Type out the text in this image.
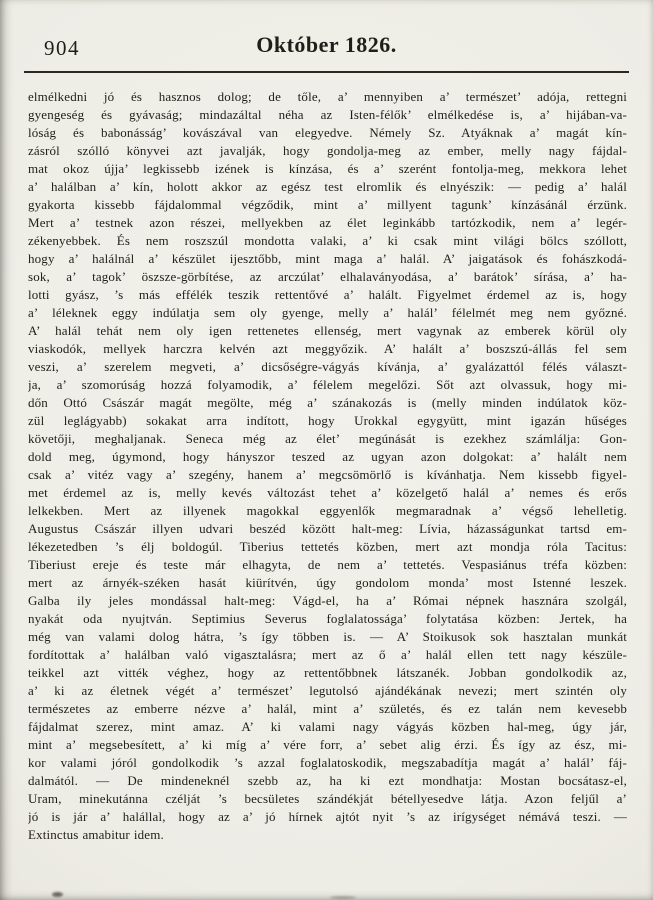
904	Október 1826.
elmélkedni jó és hasznos dolog; de tőle, a’ mennyiben a’ természet’ adója, rettegni
gyengeség és gyávaság; mindazáltal néha az Isten-félők’ elmélkedése is, a’ hijában-va-
lóság és babonásság’ kovászával van elegyedve. Némely Sz. Atyáknak a’ magát kín-
zásról szólló könyvei azt javalják, hogy gondolja-meg az ember, melly nagy fájdal-
mat okoz újja’ legkissebb izének is kínzása, és a’ szerént fontolja-meg, mekkora lehet
a’ halálban a’ kín, holott akkor az egész test elromlik és elnyészik: — pedig a’ halál
gyakorta kissebb fájdalommal végződik, mint a’ millyent tagunk’ kínzásánál érzünk.
Mert a’ testnek azon részei, mellyekben az élet leginkább tartózkodik, nem a’ legér-
zékenyebbek. És nem roszszúl mondotta valaki, a’ ki csak mint világi bölcs szóllott,
hogy a’ halálnál a’ készület ijesztőbb, mint maga a’ halál. A’ jaigatások és fohászkodá-
sok, a’ tagok’ öszsze-görbítése, az arczúlat’ elhalaványodása, a’ barátok’ sírása, a’ ha-
lotti gyász, ’s más effélék teszik rettentővé a’ halált. Figyelmet érdemel az is, hogy
a’ léleknek eggy indúlatja sem oly gyenge, melly a’ halál’ félelmét meg nem győzné.
A’ halál tehát nem oly igen rettenetes ellenség, mert vagynak az emberek körül oly
viaskodók, mellyek harczra kelvén azt meggyőzik. A’ halált a’ boszszú-állás fel sem
veszi, a’ szerelem megveti, a’ dicsőségre-vágyás kívánja, a’ gyalázattól félés választ-
ja, a’ szomorúság hozzá folyamodik, a’ félelem megelőzi. Sőt azt olvassuk, hogy mi-
dőn Ottó Császár magát megölte, még a’ szánakozás is (melly minden indúlatok köz-
zül leglágyabb) sokakat arra indított, hogy Urokkal egygyütt, mint igazán hűséges
követőji, meghaljanak. Seneca még az élet’ megúnását is ezekhez számlálja: Gon-
dold meg, úgymond, hogy hányszor teszed az ugyan azon dolgokat: a’ halált nem
csak a’ vitéz vagy a’ szegény, hanem a’ megcsömörlő is kívánhatja. Nem kissebb figyel-
met érdemel az is, melly kevés változást tehet a’ közelgető halál a’ nemes és erős
lelkekben. Mert az illyenek magokkal eggyenlők megmaradnak a’ végső lehelletig.
Augustus Császár illyen udvari beszéd között halt-meg: Lívia, házasságunkat tartsd em-
lékezetedben ’s élj boldogúl. Tiberius tettetés közben, mert azt mondja róla Tacitus:
Tiberiust ereje és teste már elhagyta, de nem a’ tettetés. Vespasiánus tréfa közben:
mert az árnyék-széken hasát kiürítvén, úgy gondolom monda’ most Istenné leszek.
Galba ily jeles mondással halt-meg: Vágd-el, ha a’ Római népnek hasznára szolgál,
nyakát oda nyujtván. Septimius Severus foglalatossága’ folytatása közben: Jertek, ha
még van valami dolog hátra, ’s így többen is. — A’ Stoikusok sok hasztalan munkát
fordítottak a’ halálban való vigasztalásra; mert az ő a’ halál ellen tett nagy készüle-
teikkel azt vitték véghez, hogy az rettentőbbnek látszanék. Jobban gondolkodik az,
a’ ki az életnek végét a’ természet’ legutolsó ajándékának nevezi; mert szintén oly
természetes az emberre nézve a’ halál, mint a’ születés, és ez talán nem kevesebb
fájdalmat szerez, mint amaz. A’ ki valami nagy vágyás közben hal-meg, úgy jár,
mint a’ megsebesített, a’ ki míg a’ vére forr, a’ sebet alig érzi. És így az ész, mi-
kor valami jóról gondolkodik ’s azzal foglalatoskodik, megszabadítja magát a’ halál’ fáj-
dalmától. — De mindeneknél szebb az, ha ki ezt mondhatja: Mostan bocsátasz-el,
Uram, minekutánna czélját ’s becsületes szándékját bétellyesedve látja. Azon feljűl a’
jó is jár a’ halállal, hogy az a’ jó hírnek ajtót nyit ’s az irígységet némává teszi. —
Extinctus amabitur idem.
